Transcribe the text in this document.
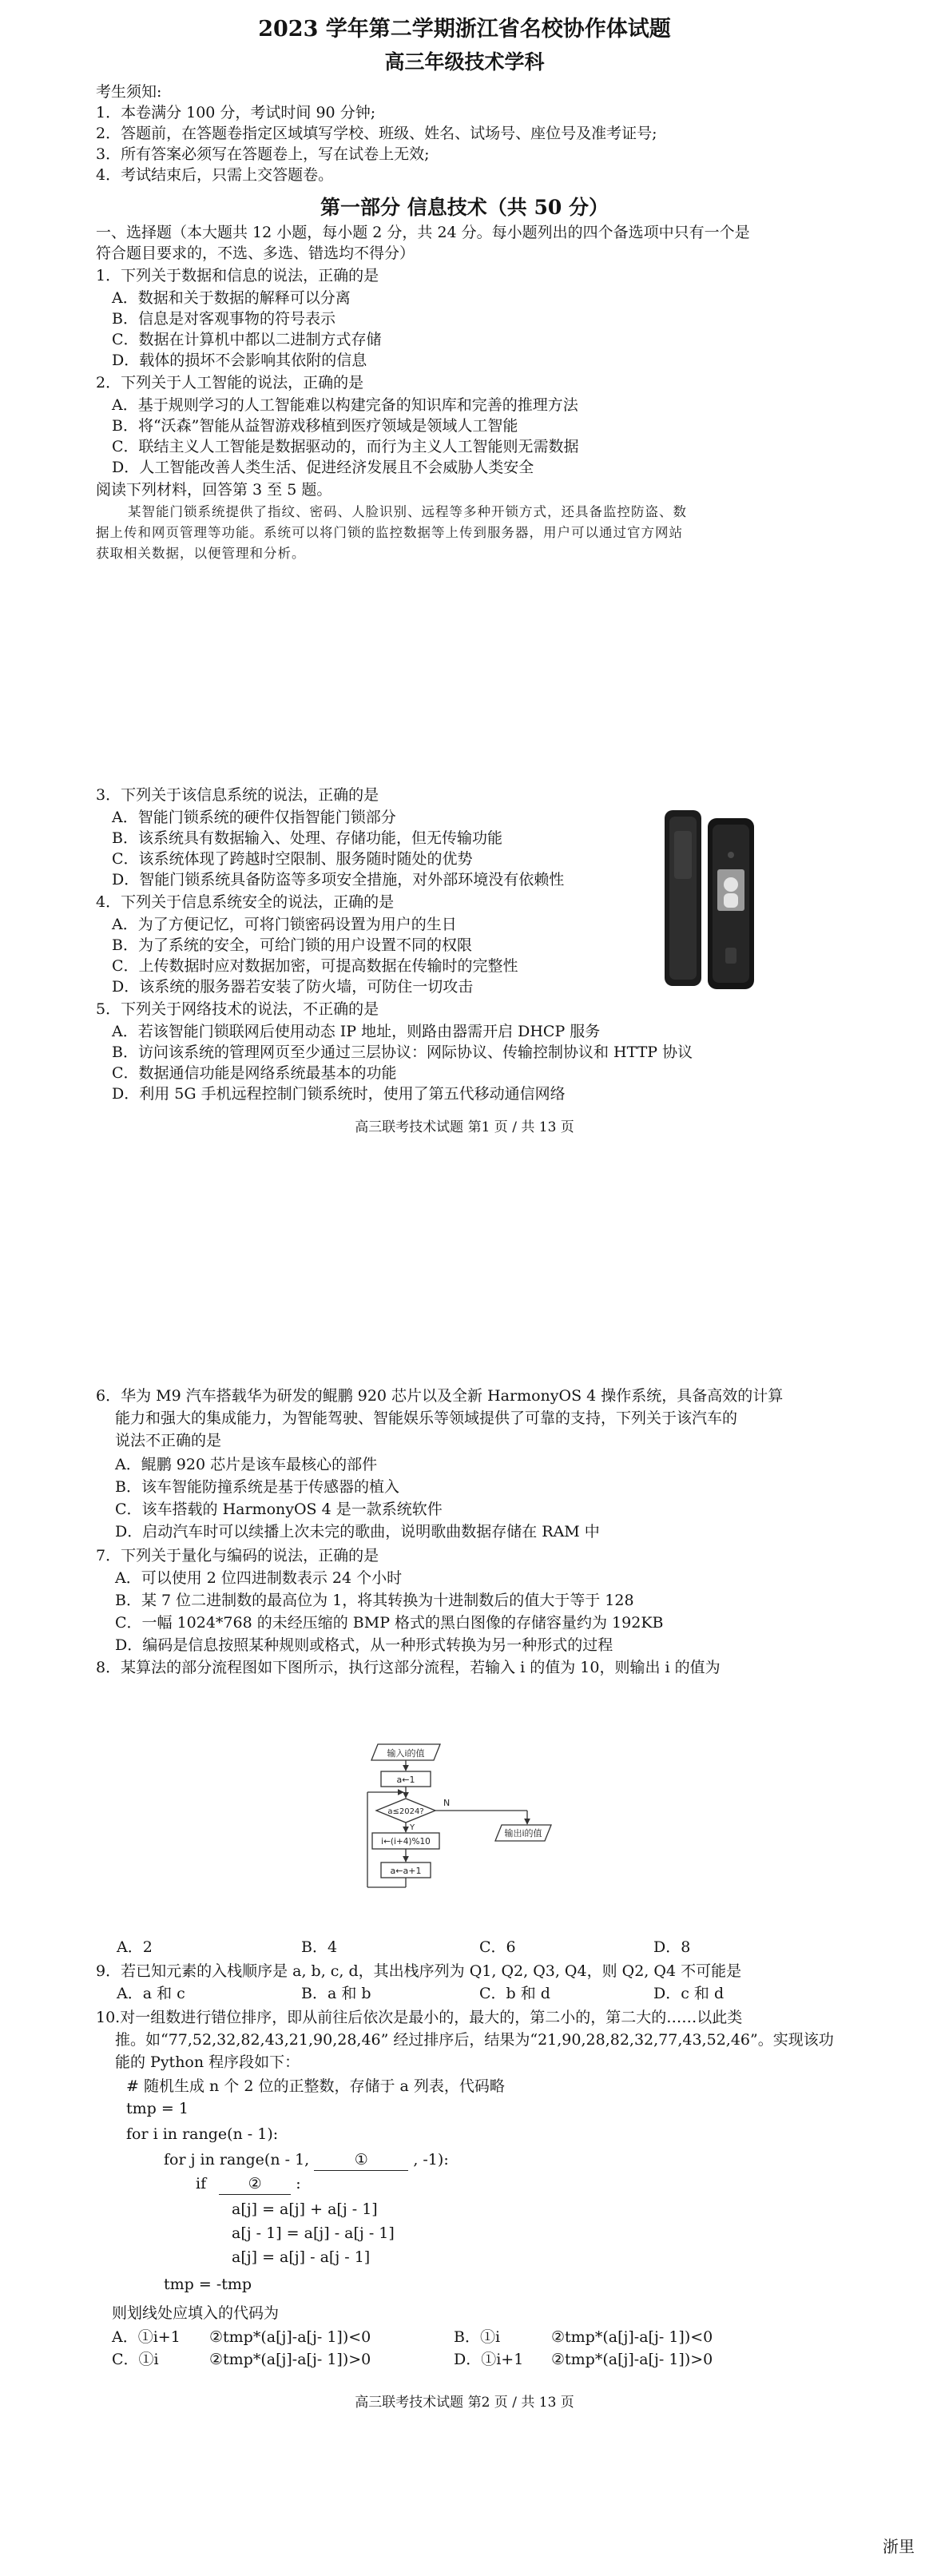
2023 学年第二学期浙江省名校协作体试题
高三年级技术学科
考生须知:
1．本卷满分 100 分，考试时间 90 分钟;
2．答题前，在答题卷指定区域填写学校、班级、姓名、试场号、座位号及准考证号;
3．所有答案必须写在答题卷上，写在试卷上无效;
4．考试结束后，只需上交答题卷。
第一部分 信息技术（共 50 分）
一、选择题（本大题共 12 小题，每小题 2 分，共 24 分。每小题列出的四个备选项中只有一个是
符合题目要求的，不选、多选、错选均不得分）
1．下列关于数据和信息的说法，正确的是
A．数据和关于数据的解释可以分离
B．信息是对客观事物的符号表示
C．数据在计算机中都以二进制方式存储
D．载体的损坏不会影响其依附的信息
2．下列关于人工智能的说法，正确的是
A．基于规则学习的人工智能难以构建完备的知识库和完善的推理方法
B．将“沃森”智能从益智游戏移植到医疗领域是领域人工智能
C．联结主义人工智能是数据驱动的，而行为主义人工智能则无需数据
D．人工智能改善人类生活、促进经济发展且不会威胁人类安全
阅读下列材料，回答第 3 至 5 题。
某智能门锁系统提供了指纹、密码、人脸识别、远程等多种开锁方式，还具备监控防盗、数
据上传和网页管理等功能。系统可以将门锁的监控数据等上传到服务器，用户可以通过官方网站
获取相关数据，以便管理和分析。
3．下列关于该信息系统的说法，正确的是
A．智能门锁系统的硬件仅指智能门锁部分
B．该系统具有数据输入、处理、存储功能，但无传输功能
C．该系统体现了跨越时空限制、服务随时随处的优势
D．智能门锁系统具备防盗等多项安全措施，对外部环境没有依赖性
4．下列关于信息系统安全的说法，正确的是
A．为了方便记忆，可将门锁密码设置为用户的生日
B．为了系统的安全，可给门锁的用户设置不同的权限
C．上传数据时应对数据加密，可提高数据在传输时的完整性
D．该系统的服务器若安装了防火墙，可防住一切攻击
5．下列关于网络技术的说法，不正确的是
A．若该智能门锁联网后使用动态 IP 地址，则路由器需开启 DHCP 服务
B．访问该系统的管理网页至少通过三层协议：网际协议、传输控制协议和 HTTP 协议
C．数据通信功能是网络系统最基本的功能
D．利用 5G 手机远程控制门锁系统时，使用了第五代移动通信网络
高三联考技术试题 第1 页 / 共 13 页
6．华为 M9 汽车搭载华为研发的鲲鹏 920 芯片以及全新 HarmonyOS 4 操作系统，具备高效的计算
能力和强大的集成能力，为智能驾驶、智能娱乐等领域提供了可靠的支持，下列关于该汽车的
说法不正确的是
A．鲲鹏 920 芯片是该车最核心的部件
B．该车智能防撞系统是基于传感器的植入
C．该车搭载的 HarmonyOS 4 是一款系统软件
D．启动汽车时可以续播上次未完的歌曲，说明歌曲数据存储在 RAM 中
7．下列关于量化与编码的说法，正确的是
A．可以使用 2 位四进制数表示 24 个小时
B．某 7 位二进制数的最高位为 1，将其转换为十进制数后的值大于等于 128
C．一幅 1024*768 的未经压缩的 BMP 格式的黑白图像的存储容量约为 192KB
D．编码是信息按照某种规则或格式，从一种形式转换为另一种形式的过程
8．某算法的部分流程图如下图所示，执行这部分流程，若输入 i 的值为 10，则输出 i 的值为
输入i的值
a←1
a≤2024?
N
Y
i←(i+4)%10
a←a+1
输出i的值
A．2	B．4	C．6	D．8
9．若已知元素的入栈顺序是 a, b, c, d，其出栈序列为 Q1, Q2, Q3, Q4，则 Q2, Q4 不可能是
A．a 和 c	B．a 和 b	C．b 和 d	D．c 和 d
10.对一组数进行错位排序，即从前往后依次是最小的，最大的，第二小的，第二大的……以此类
推。如“77,52,32,82,43,21,90,28,46” 经过排序后，结果为“21,90,28,82,32,77,43,52,46”。实现该功
能的 Python 程序段如下：
# 随机生成 n 个 2 位的正整数，存储于 a 列表，代码略
tmp = 1
for i in range(n - 1):
for j in range(n - 1,	①	, -1):
if	② :
a[j] = a[j] + a[j - 1]
a[j - 1] = a[j] - a[j - 1]
a[j] = a[j] - a[j - 1]
tmp = -tmp
则划线处应填入的代码为
A．①i+1 ②tmp*(a[j]-a[j- 1])<0	B．①i	②tmp*(a[j]-a[j- 1])<0
C．①i	②tmp*(a[j]-a[j- 1])>0	D．①i+1 ②tmp*(a[j]-a[j- 1])>0
高三联考技术试题 第2 页 / 共 13 页
浙里
